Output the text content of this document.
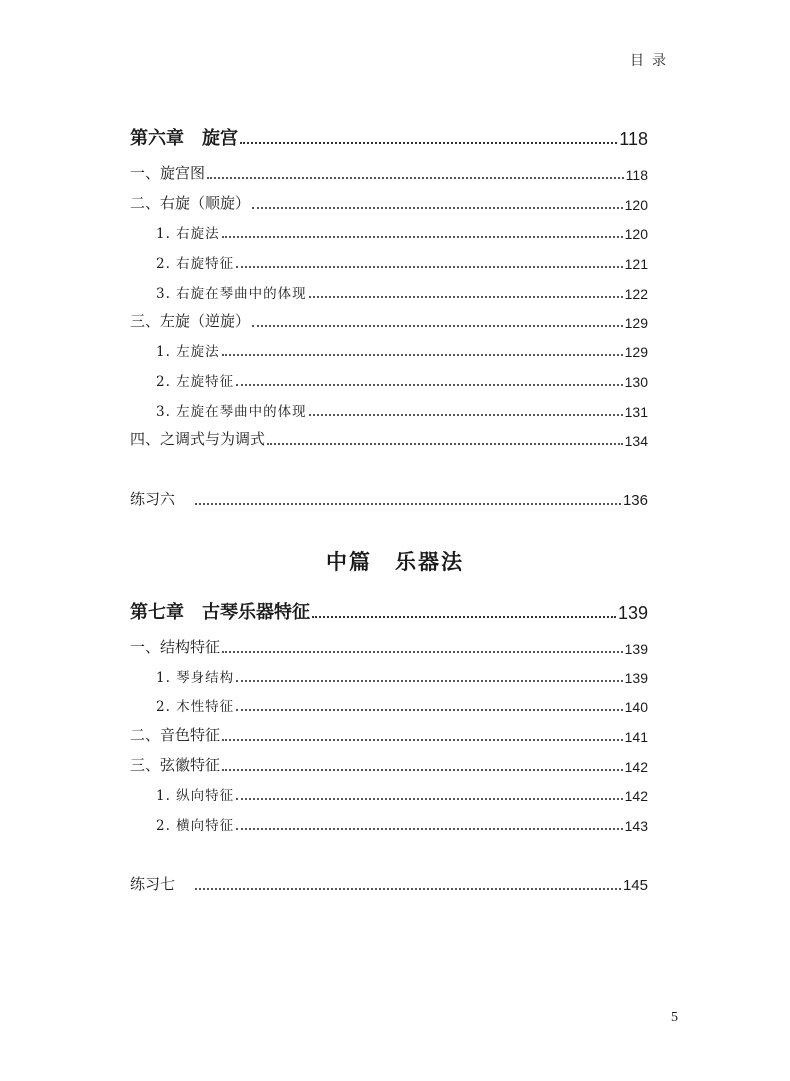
目录
第六章　旋宫	118
一、旋宫图	118
二、右旋（顺旋）	120
1. 右旋法	120
2. 右旋特征	121
3. 右旋在琴曲中的体现	122
三、左旋（逆旋）	129
1. 左旋法	129
2. 左旋特征	130
3. 左旋在琴曲中的体现	131
四、之调式与为调式	134
练习六	136
中篇　乐器法
第七章　古琴乐器特征	139
一、结构特征	139
1. 琴身结构	139
2. 木性特征	140
二、音色特征	141
三、弦徽特征	142
1. 纵向特征	142
2. 横向特征	143
练习七	145
5
